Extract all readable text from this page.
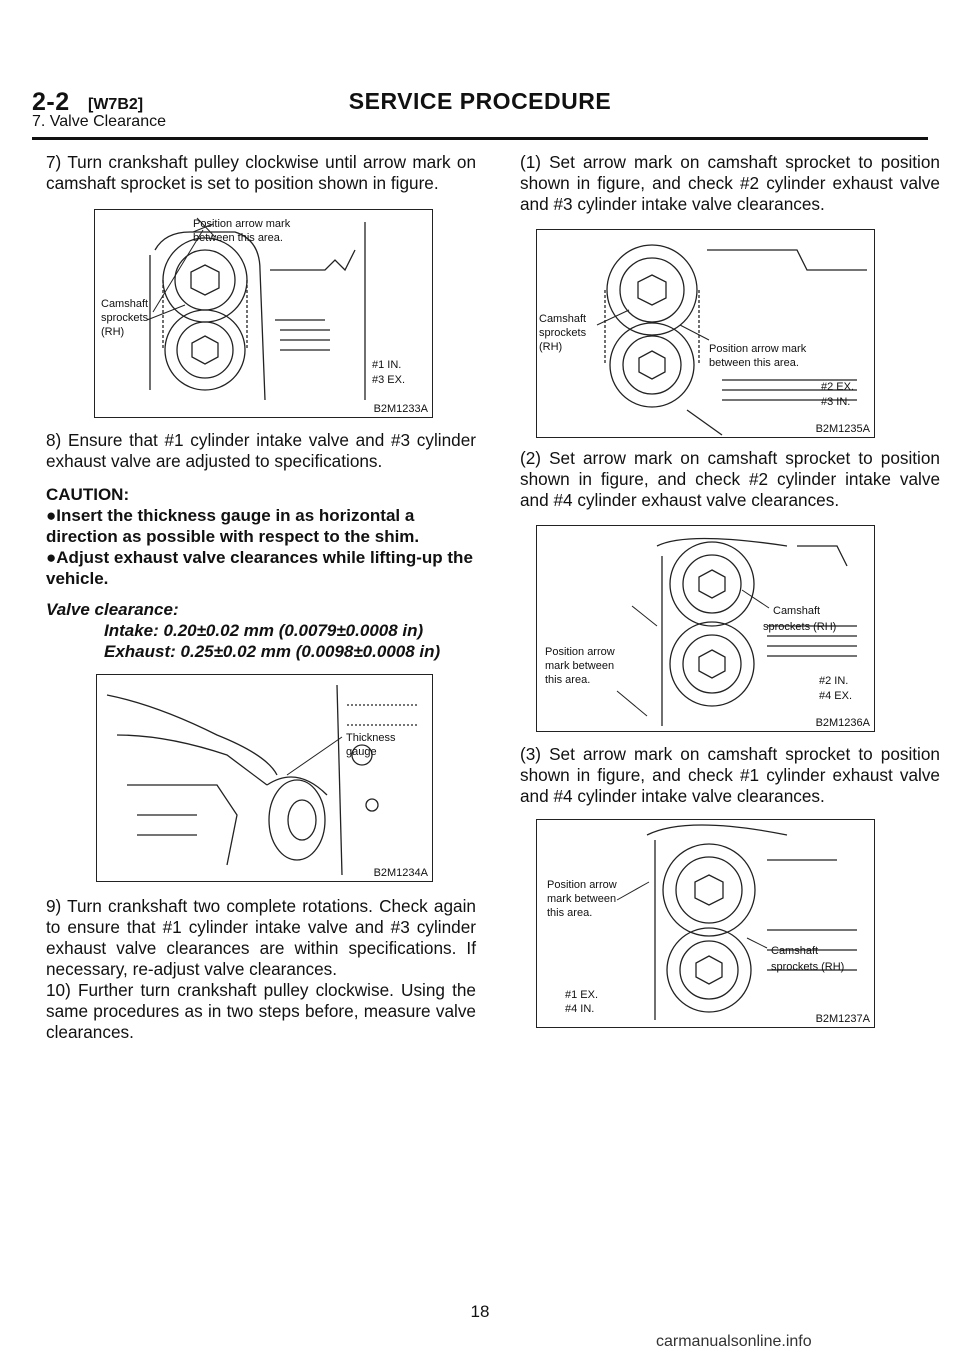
2-2 [W7B2]	SERVICE PROCEDURE
7. Valve Clearance

7) Turn crankshaft pulley clockwise until arrow mark on camshaft sprocket is set to position shown in figure.

Position arrow mark
between this area.
Camshaft
sprockets
(RH)
#1 IN.
#3 EX.
B2M1233A

8) Ensure that #1 cylinder intake valve and #3 cylinder exhaust valve are adjusted to specifications.

CAUTION:
●Insert the thickness gauge in as horizontal a direction as possible with respect to the shim.
●Adjust exhaust valve clearances while lifting-up the vehicle.
Valve clearance:
Intake: 0.20±0.02 mm (0.0079±0.0008 in)
Exhaust: 0.25±0.02 mm (0.0098±0.0008 in)
Thickness
gauge
B2M1234A

9) Turn crankshaft two complete rotations. Check again to ensure that #1 cylinder intake valve and #3 cylinder exhaust valve clearances are within specifications. If necessary, re-adjust valve clearances.

10) Further turn crankshaft pulley clockwise. Using the same procedures as in two steps before, measure valve clearances.

(1) Set arrow mark on camshaft sprocket to position shown in figure, and check #2 cylinder exhaust valve and #3 cylinder intake valve clearances.

Camshaft
sprockets
(RH)	Position arrow mark
between this area.
#2 EX.
#3 IN.
B2M1235A

(2) Set arrow mark on camshaft sprocket to position shown in figure, and check #2 cylinder intake valve and #4 cylinder exhaust valve clearances.

Camshaft
sprockets (RH)
Position arrow
mark between
this area.	#2 IN.
#4 EX.
B2M1236A

(3) Set arrow mark on camshaft sprocket to position shown in figure, and check #1 cylinder exhaust valve and #4 cylinder intake valve clearances.

Position arrow
mark between
this area.
Camshaft
sprockets (RH)
#1 EX.
#4 IN.
B2M1237A
18
carmanualsonline.info
